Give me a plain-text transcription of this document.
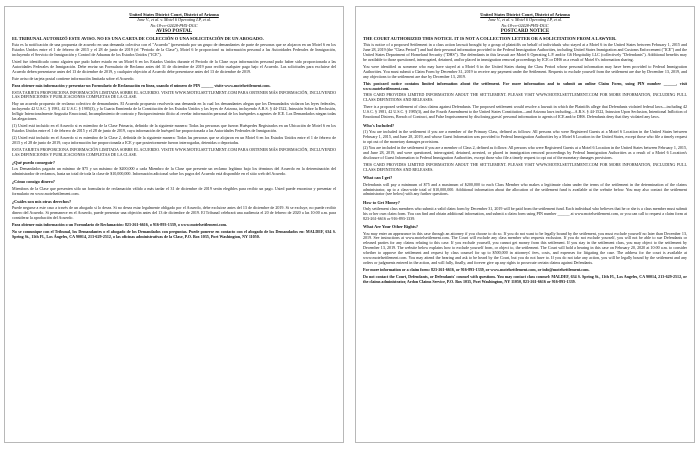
United States District Court, District of Arizona
Jane V., et al. v. Motel 6 Operating LP, et al.
No:18-cv-02428-PHX-DGC
AVISO POSTAL
EL TRIBUNAL AUTORIZÓ ESTE AVISO. NO ES UNA CARTA DE COLECCIÓN O UNA SOLICITACIÓN DE UN ABOGADO.

Esta es la notificación de una propuesta de acuerdo en una demanda colectiva con el "Acuerdo" (presentado por un grupo de demandantes de parte de personas que se alojaron en un Motel 6 en los Estados Unidos entre el 1 de febrero de 2015 y el 28 de junio de 2019 (el "Periodo de la Clase"), Motel 6 le proporcionó su información personal a las Autoridades Federales de Inmigración, incluyendo el Servicio de Inmigración y Control de Aduanas de los Estados Unidos ("ICE").

Usted fue identificado como alguien que pudo haber estado en un Motel 6 en los Estados Unidos durante el Periodo de la Clase cuya información personal pudo haber sido proporcionada a las Autoridades Federales de Inmigración. Debe enviar un Formulario de Reclamo antes del 31 de diciembre de 2019 para recibir cualquier pago bajo el Acuerdo. Las solicitudes para excluirse del Acuerdo deben presentarse antes del 13 de diciembre de 2019, y cualquier objeción al Acuerdo debe presentarse antes del 13 de diciembre de 2019.

Este aviso de tarjeta postal contiene información limitada sobre el Acuerdo.

Para obtener más información y presentar un Formulario de Reclamación en línea, usando el número de PIN ______ visite www.motelsettlement.com.

ESTA TARJETA PROPORCIONA INFORMACIÓN LIMITADA SOBRE EL ACUERDO. VISITE WWW.MOTELSETTLEMENT.COM PARA OBTENER MÁS INFORMACIÓN, INCLUYENDO LAS DEFINICIONES Y PUBLICACIONES COMPLETAS DE LA CLASE.

Hay un acuerdo propuesto de reclamo colectivo de demandantes. El Acuerdo propuesto resolvería una demanda en la cual los demandantes alegan que los Demandados violaron las leyes federales, incluyendo 42 U.S.C. § 1981, 42 U.S.C. § 1985(3), y la Cuarta Enmienda de la Constitución de los Estados Unidos y las leyes de Arizona, incluyendo A.R.S. § 44-1522, Intrusión Sobre la Reclusión, Infligir Intencionalmente Angustia Emocional, Incumplimiento de contrato y Enriquecimiento ilícito al revelar información personal de los huéspedes a agentes de ICE. Los Demandados niegan todas las alegaciones.

(1) Usted está incluido en el Acuerdo si es miembro de la Clase Primaria, definido de la siguiente manera: Todas las personas que fueron Huéspedes Registrados en un Ubicación de Motel 6 en los Estados Unidos entre el 1 de febrero de 2015 y el 28 de junio de 2019, cuya información de huésped fue proporcionada a las Autoridades Federales de Inmigración.

(2) Usted está incluido en el Acuerdo si es miembro de la Clase 2, definida de la siguiente manera: Todas las personas que se alojaron en un Motel 6 en los Estados Unidos entre el 1 de febrero de 2015 y el 28 de junio de 2019, cuya información fue proporcionada a ICE y que posteriormente fueron interrogadas, detenidas o deportadas.

ESTA TARJETA PROPORCIONA INFORMACIÓN LIMITADA SOBRE EL ACUERDO. VISITE WWW.MOTELSETTLEMENT.COM PARA OBTENER MÁS INFORMACIÓN, INCLUYENDO LAS DEFINICIONES Y PUBLICACIONES COMPLETAS DE LA CLASE.

¿Qué puedo conseguir?

Los Demandados pagarán un mínimo de $75 y un máximo de $200,000 a cada Miembro de la Clase que presente un reclamo legítimo bajo los términos del Acuerdo en la determinación del administrador de reclamos, hasta un total de toda la clase de $10,000,000. Información adicional sobre los pagos del Acuerdo está disponible en el sitio web del Acuerdo.

¿Cómo consigo dinero?

Miembros de la Clase que presenten sólo un formulario de reclamación válido a más tardar el 31 de diciembre de 2019 serán elegibles para recibir un pago. Usted puede encontrar y presentar el formulario en www.motelsettlement.com.

¿Cuáles son mis otras derechos?

Puede negarse a este caso a través de un abogado si lo desea. Si no desea estar legalmente obligado por el Acuerdo, debe excluirse antes del 13 de diciembre de 2019. Si se excluye, no puede recibir dinero del Acuerdo. Si permanece en el Acuerdo, puede presentar una objeción antes del 13 de diciembre de 2019. El Tribunal celebrará una audiencia el 20 de febrero de 2020 a las 10:00 a.m. para considerar la aprobación del Acuerdo.

Para obtener más información o un Formulario de Reclamación: 823-261-6616, o 916-893-1339, o www.motelsettlement.com.

No se comunique con el Tribunal, los Demandantes o el abogado de los Demandados con preguntas. Puede ponerse en contacto con el abogado de los Demandados en: MALDEF, 634 S. Spring St., 11th Fl., Los Ángeles, CA 90014, 213-629-2512, o las oficinas administrativas de la Clase, P.O. Box 1035, Port Washington, NY 11050.

United States District Court, District of Arizona
Jane V., et al. v. Motel 6 Operating LP, et al.
No:18-cv-02428-PHX-DGC
POSTCARD NOTICE
THE COURT AUTHORIZED THIS NOTICE. IT IS NOT A COLLECTION LETTER OR A SOLICITATION FROM A LAWYER.

This is notice of a proposed Settlement in a class action lawsuit brought by a group of plaintiffs on behalf of individuals who stayed at a Motel 6 in the United States between February 1, 2015 and June 28, 2019 (the "Class Period") and had their personal information provided to the Federal Immigration Authorities, including United States Immigration and Customs Enforcement ("ICE") and the United States Department of Homeland Security ("DHS"). The defendants in this lawsuit are Motel 6 Operating L.P. and/or G6 Hospitality LLC (collectively "Defendants"). Additional benefits may be available to those questioned, interrogated, detained, and/or placed in immigration removal proceedings by ICE or DHS as a result of Motel 6's information sharing.

You were identified as someone who may have stayed at a Motel 6 in the United States during the Class Period whose personal information may have been provided to Federal Immigration Authorities. You must submit a Claim Form by December 31, 2019 to receive any payment under the Settlement. Requests to exclude yourself from the settlement are due by December 13, 2019, and any objections to the settlement are due by December 13, 2019.

This postcard notice contains limited information about the settlement. For more information and to submit an online Claim Form, using PIN number ______, visit www.motelsettlement.com.

THIS CARD PROVIDES LIMITED INFORMATION ABOUT THE SETTLEMENT. PLEASE VISIT WWW.MOTELSETTLEMENT.COM FOR MORE INFORMATION, INCLUDING FULL CLASS DEFINITIONS AND RELEASES.

There is a proposed settlement of class claims against Defendants. The proposed settlement would resolve a lawsuit in which the Plaintiffs allege that Defendants violated federal laws—including 42 U.S.C. § 1981, 42 U.S.C. § 1985(3), and the Fourth Amendment to the United States Constitution—and Arizona laws including—A.R.S. § 44-1522, Intrusion Upon Seclusion, Intentional Infliction of Emotional Distress, Breach of Contract, and False Imprisonment by disclosing guests' personal information to agents of ICE and/or DHS. Defendants deny that they violated any laws.

Who's Included?

(1) You are included in the settlement if you are a member of the Primary Class, defined as follows: All persons who were Registered Guests at a Motel 6 Location in the United States between February 1, 2015, and June 28, 2019, and whose Guest Information was provided to Federal Immigration Authorities by a Motel 6 Location in the United States, except those who file a timely request to opt out of the monetary damages provisions.

(2) You are included in the settlement if you are a member of Class 2, defined as follows: All persons who were Registered Guests at a Motel 6 Location in the United States between February 1, 2015, and June 28, 2019, and were questioned, interrogated, detained, arrested, or placed in immigration removal proceedings by Federal Immigration Authorities as a result of a Motel 6 Location's disclosure of Guest Information to Federal Immigration Authorities, except those who file a timely request to opt out of the monetary damages provisions.

THIS CARD PROVIDES LIMITED INFORMATION ABOUT THE SETTLEMENT. PLEASE VISIT WWW.MOTELSETTLEMENT.COM FOR MORE INFORMATION, INCLUDING FULL CLASS DEFINITIONS AND RELEASES.

What can I get?

Defendants will pay a minimum of $75 and a maximum of $200,000 to each Class Member who makes a legitimate claim under the terms of the settlement in the determination of the claims administrator, up to a class-wide total of $10,000,000. Additional information about the allocation of the settlement fund is available at the website below. You may also contact the settlement administrator (see below) with any further questions.

How to Get Money?

Only settlement class members who submit a valid claim form by December 31, 2019 will be paid from the settlement fund. Each individual who believes that he or she is a class member must submit his or her own claim form. You can find and obtain additional information, and submit a claim form using PIN number ______ at www.motelsettlement.com, or you can call to request a claim form at 823-261-6616 or 916-893-1339.

What Are Your Other Rights?

You may enter an appearance in this case through an attorney if you choose to do so. If you do not want to be legally bound by the settlement, you must exclude yourself no later than December 13, 2019. See instructions at www.motelsettlement.com. The Court will exclude any class member who requests exclusion. If you do not exclude yourself, you will not be able to sue Defendants or released parties for any claims relating to this case. If you exclude yourself, you cannot get money from this settlement. If you stay in the settlement class, you may object to the settlement by December 13, 2019. The website below explains how to exclude yourself from, or object to, the settlement. The Court will hold a hearing in this case on February 20, 2020 at 10:00 a.m. to consider whether to approve the settlement and request by class counsel for up to $500,000 in attorneys' fees, costs, and expenses for litigating the case. The address for the court is available at www.motelsettlement.com. You may attend the hearing and ask to be heard by the Court, but you do not have to. If you do not take any action, you will be legally bound by the settlement and any orders or judgments entered in the action, and will fully, finally, and forever give up any rights to prosecute certain claims against Defendants.

For more information or a claim form: 823-261-6616, or 916-893-1339, or www.motelsettlement.com, or info@motelsettlement.com.

Do not contact the Court, Defendants, or Defendants' counsel with questions. You may contact class counsel: MALDEF, 634 S. Spring St., 11th Fl., Los Angeles, CA 90014, 213-629-2512, or the claims administrator, Ardon Claims Service, P.O. Box 1035, Port Washington, NY 11050, 823-261-6616 or 916-893-1339.
